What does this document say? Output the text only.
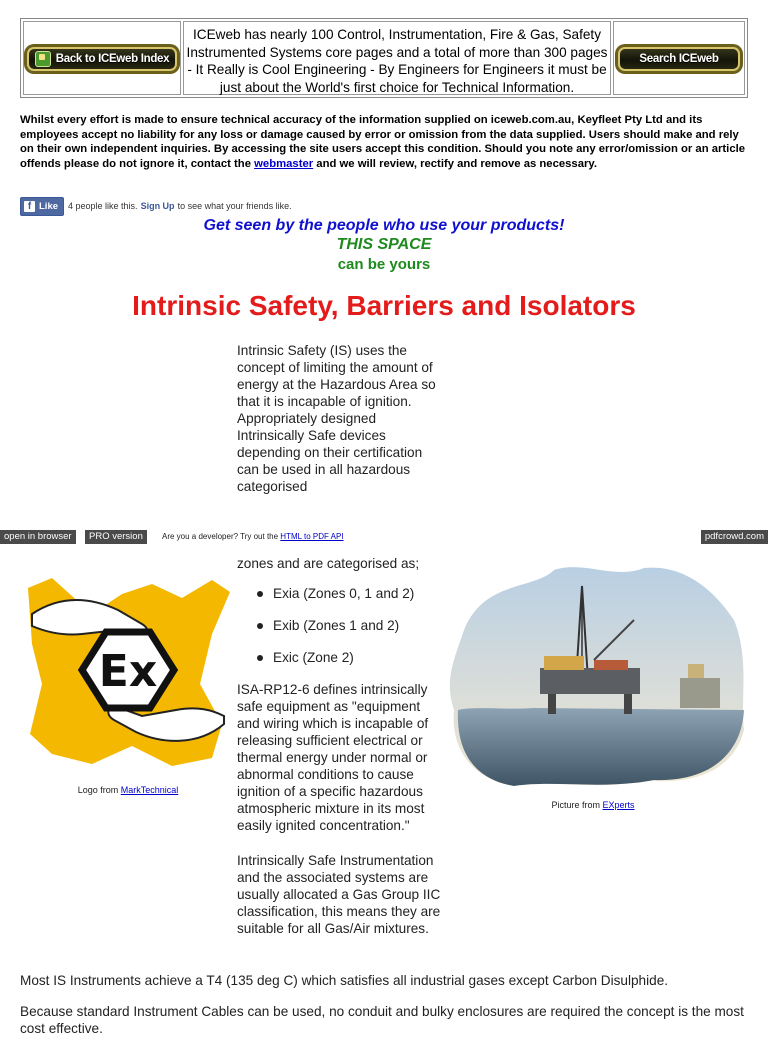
Back to ICEweb Index
ICEweb has nearly 100 Control, Instrumentation, Fire & Gas, Safety Instrumented Systems core pages and a total of more than 300 pages - It Really is Cool Engineering - By Engineers for Engineers it must be just about the World's first choice for Technical Information.
Search ICEweb
Whilst every effort is made to ensure technical accuracy of the information supplied on iceweb.com.au, Keyfleet Pty Ltd and its employees accept no liability for any loss or damage caused by error or omission from the data supplied. Users should make and rely on their own independent inquiries. By accessing the site users accept this condition. Should you note any error/omission or an article offends please do not ignore it, contact the webmaster and we will review, rectify and remove as necessary.
f Like 4 people like this. Sign Up to see what your friends like.
Get seen by the people who use your products!
THIS SPACE
can be yours
Intrinsic Safety, Barriers and Isolators
Intrinsic Safety (IS) uses the concept of limiting the amount of energy at the Hazardous Area so that it is incapable of ignition. Appropriately designed Intrinsically Safe devices depending on their certification can be used in all hazardous categorised
open in browser	PRO version	Are you a developer? Try out the HTML to PDF API	pdfcrowd.com
zones and are categorised as;
Exia (Zones 0, 1 and 2)
Exib (Zones 1 and 2)
Exic (Zone 2)
ISA-RP12-6 defines intrinsically safe equipment as "equipment and wiring which is incapable of releasing sufficient electrical or thermal energy under normal or abnormal conditions to cause ignition of a specific hazardous atmospheric mixture in its most easily ignited concentration."
Intrinsically Safe Instrumentation and the associated systems are usually allocated a Gas Group IIC classification, this means they are suitable for all Gas/Air mixtures.
Ex
Logo from MarkTechnical
Picture from EXperts
Most IS Instruments achieve a T4 (135 deg C) which satisfies all industrial gases except Carbon Disulphide.
Because standard Instrument Cables can be used, no conduit and bulky enclosures are required the concept is the most cost effective.
